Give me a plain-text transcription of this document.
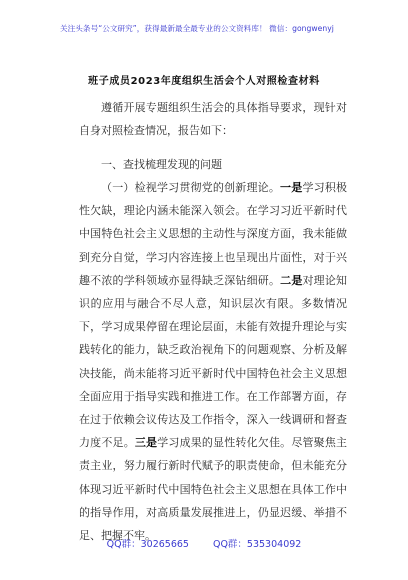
关注头条号“公文研究”，获得最新最全最专业的公文资料库！ 微信：gongwenyj
班子成员2023年度组织生活会个人对照检查材料
遵循开展专题组织生活会的具体指导要求，现针对自身对照检查情况，报告如下：
一、查找梳理发现的问题
（一）检视学习贯彻党的创新理论。一是学习积极性欠缺，理论内涵未能深入领会。在学习习近平新时代中国特色社会主义思想的主动性与深度方面，我未能做到充分自觉，学习内容连接上也呈现出片面性，对于兴趣不浓的学科领域亦显得缺乏深钻细研。二是对理论知识的应用与融合不尽人意，知识层次有限。多数情况下，学习成果停留在理论层面，未能有效提升理论与实践转化的能力，缺乏政治视角下的问题观察、分析及解决技能，尚未能将习近平新时代中国特色社会主义思想全面应用于指导实践和推进工作。在工作部署方面，存在过于依赖会议传达及工作指令，深入一线调研和督查力度不足。三是学习成果的显性转化欠佳。尽管聚焦主责主业，努力履行新时代赋予的职责使命，但未能充分体现习近平新时代中国特色社会主义思想在具体工作中的指导作用，对高质量发展推进上，仍显迟缓、举措不足、把握不牢。
QQ群：30265665	QQ群：535304092
